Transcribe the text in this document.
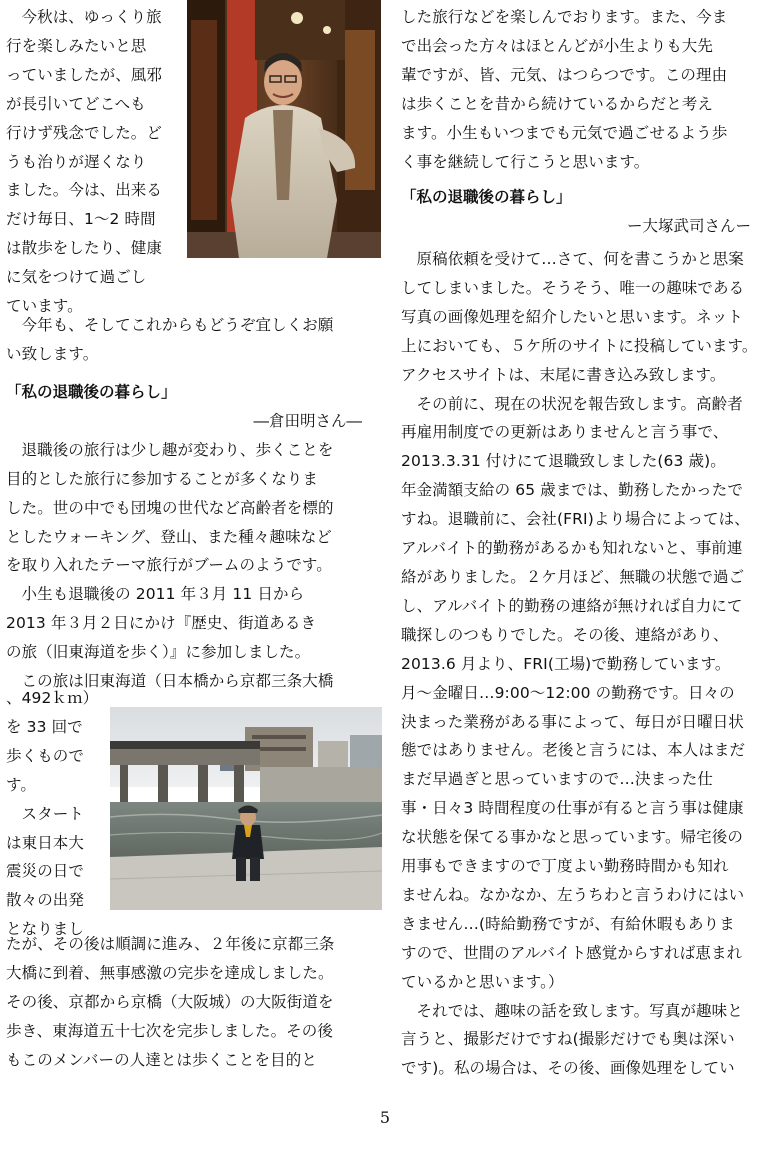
今秋は、ゆっくり旅

行を楽しみたいと思

っていましたが、風邪

が長引いてどこへも

行けず残念でした。ど

うも治りが遅くなり

ました。今は、出来る

だけ毎日、1～2 時間

は散歩をしたり、健康

に気をつけて過ごし

ています。

今年も、そしてこれからもどうぞ宜しくお願

い致します。

「私の退職後の暮らし」

―倉田明さん―

退職後の旅行は少し趣が変わり、歩くことを

目的とした旅行に参加することが多くなりま

した。世の中でも団塊の世代など高齢者を標的

としたウォーキング、登山、また種々趣味など

を取り入れたテーマ旅行がブームのようです。

小生も退職後の 2011 年３月 11 日から

2013 年３月２日にかけ『歴史、街道あるき

の旅（旧東海道を歩く）』に参加しました。

この旅は旧東海道（日本橋から京都三条大橋

、492ｋｍ）

を 33 回で

歩くもので

す。

スタート

は東日本大

震災の日で

散々の出発

となりまし

たが、その後は順調に進み、２年後に京都三条

大橋に到着、無事感激の完歩を達成しました。

その後、京都から京橋（大阪城）の大阪街道を

歩き、東海道五十七次を完歩しました。その後

もこのメンバーの人達とは歩くことを目的と

した旅行などを楽しんでおります。また、今ま

で出会った方々はほとんどが小生よりも大先

輩ですが、皆、元気、はつらつです。この理由

は歩くことを昔から続けているからだと考え

ます。小生もいつまでも元気で過ごせるよう歩

く事を継続して行こうと思います。

「私の退職後の暮らし」

ー大塚武司さんー

原稿依頼を受けて…さて、何を書こうかと思案

してしまいました。そうそう、唯一の趣味である

写真の画像処理を紹介したいと思います。ネット

上においても、５ケ所のサイトに投稿しています。

アクセスサイトは、末尾に書き込み致します。

その前に、現在の状況を報告致します。高齢者

再雇用制度での更新はありませんと言う事で、

2013.3.31 付けにて退職致しました(63 歳)。

年金満額支給の 65 歳までは、勤務したかったで

すね。退職前に、会社(FRI)より場合によっては、

アルバイト的勤務があるかも知れないと、事前連

絡がありました。２ケ月ほど、無職の状態で過ご

し、アルバイト的勤務の連絡が無ければ自力にて

職探しのつもりでした。その後、連絡があり、

2013.6 月より、FRI(工場)で勤務しています。

月～金曜日…9:00～12:00 の勤務です。日々の

決まった業務がある事によって、毎日が日曜日状

態ではありません。老後と言うには、本人はまだ

まだ早過ぎと思っていますので…決まった仕

事・日々3 時間程度の仕事が有ると言う事は健康

な状態を保てる事かなと思っています。帰宅後の

用事もできますので丁度よい勤務時間かも知れ

ませんね。なかなか、左うちわと言うわけにはい

きません…(時給勤務ですが、有給休暇もありま

すので、世間のアルバイト感覚からすれば恵まれ

ているかと思います。）

それでは、趣味の話を致します。写真が趣味と

言うと、撮影だけですね(撮影だけでも奥は深い

です)。私の場合は、その後、画像処理をしてい

5
